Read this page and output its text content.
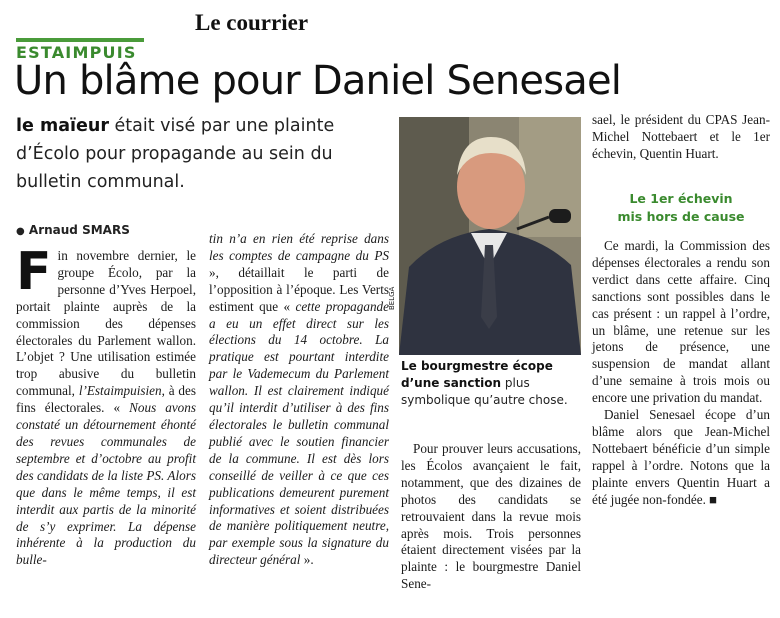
Le courrier
ESTAIMPUIS
Un blâme pour Daniel Senesael
le maïeur était visé par une plainte d’Écolo pour propagande au sein du bulletin communal.
● Arnaud SMARS
Fin novembre dernier, le groupe Écolo, par la personne d’Yves Herpoel, portait plainte auprès de la commission des dépenses électorales du Parlement wallon. L’objet ? Une utilisation estimée trop abusive du bulletin communal, l’Estaimpuisien, à des fins électorales. « Nous avons constaté un détournement éhonté des revues communales de septembre et d’octobre au profit des candidats de la liste PS. Alors que dans le même temps, il est interdit aux partis de la minorité de s’y exprimer. La dépense inhérente à la production du bulle-
tin n’a en rien été reprise dans les comptes de campagne du PS », détaillait le parti de l’opposition à l’époque. Les Verts estiment que « cette propagande a eu un effet direct sur les élections du 14 octobre. La pratique est pourtant interdite par le Vademecum du Parlement wallon. Il est clairement indiqué qu’il interdit d’utiliser à des fins électorales le bulletin communal publié avec le soutien financier de la commune. Il est dès lors conseillé de veiller à ce que ces publications demeurent purement informatives et soient distribuées de manière politiquement neutre, par exemple sous la signature du directeur général ».
BELGA
Le bourgmestre écope d’une sanction plus symbolique qu’autre chose.
Pour prouver leurs accusations, les Écolos avançaient le fait, notamment, que des dizaines de photos des candidats se retrouvaient dans la revue mois après mois. Trois personnes étaient directement visées par la plainte : le bourgmestre Daniel Sene-
sael, le président du CPAS Jean-Michel Nottebaert et le 1er échevin, Quentin Huart.
Le 1er échevin
mis hors de cause
Ce mardi, la Commission des dépenses électorales a rendu son verdict dans cette affaire. Cinq sanctions sont possibles dans le cas présent : un rappel à l’ordre, un blâme, une retenue sur les jetons de présence, une suspension de mandat allant d’une semaine à trois mois ou encore une privation du mandat.
Daniel Senesael écope d’un blâme alors que Jean-Michel Nottebaert bénéficie d’un simple rappel à l’ordre. Notons que la plainte envers Quentin Huart a été jugée non-fondée. ■
